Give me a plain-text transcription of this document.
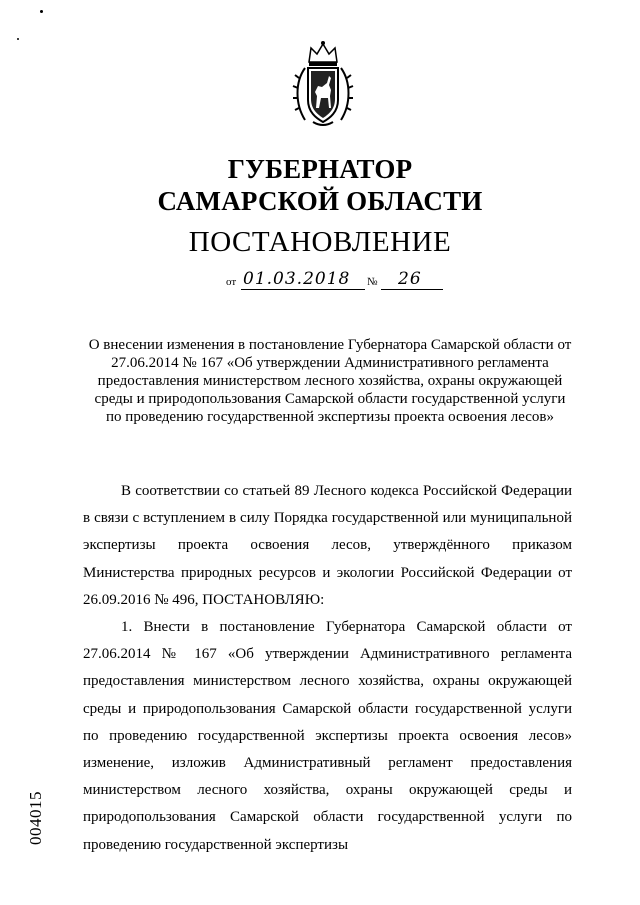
ГУБЕРНАТОР
САМАРСКОЙ ОБЛАСТИ
ПОСТАНОВЛЕНИЕ
от 01.03.2018 № 26
О внесении изменения в постановление Губернатора Самарской области от
27.06.2014 № 167 «Об утверждении Административного регламента
предоставления министерством лесного хозяйства, охраны окружающей
среды и природопользования Самарской области государственной услуги
по проведению государственной экспертизы проекта освоения лесов»

В соответствии со статьей 89 Лесного кодекса Российской Федерации в связи с вступлением в силу Порядка государственной или муниципальной экспертизы проекта освоения лесов, утверждённого приказом Министерства природных ресурсов и экологии Российской Федерации от 26.09.2016 № 496, ПОСТАНОВЛЯЮ:

1. Внести в постановление Губернатора Самарской области от 27.06.2014 № 167 «Об утверждении Административного регламента предоставления министерством лесного хозяйства, охраны окружающей среды и природопользования Самарской области государственной услуги по проведению государственной экспертизы проекта освоения лесов» изменение, изложив Административный регламент предоставления министерством лесного хозяйства, охраны окружающей среды и природопользования Самарской области государственной услуги по проведению государственной экспертизы

004015
